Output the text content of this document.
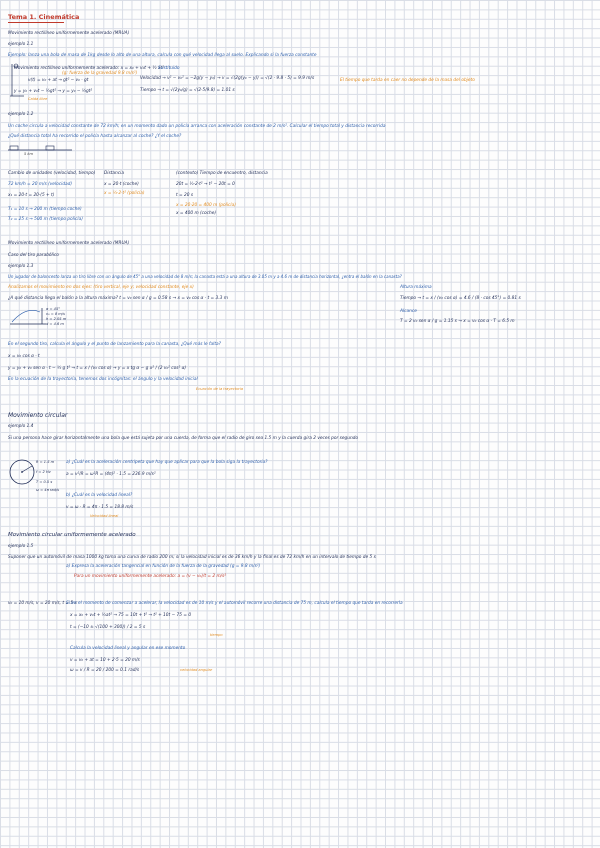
Tema 1. Cinemática
Movimiento rectilíneo uniformemente acelerado (MRUA)
ejemplo 1.1
Ejemplo: lanza una bola de masa de 1kg desde lo alto de una altura, calcula con qué velocidad llega al suelo. Explicando si la fuerza constante
Movimiento rectilíneo uniformemente acelerado: x = x₀ + v₀t + ½ at²
(g: fuerza de la gravedad 9.8 m/s²)
v(t) = v₀ + at → gt² − v₀ · gt
y = y₀ + v₀t − ½gt² → y = y₀ − ½gt²
Caída libre
Sustituido
Velocidad → v² − v₀² = −2g(y − y₀) → v = √(2g(y₀ − y)) = √(2 · 9.8 · 5) = 9.9 m/s	El tiempo que tarda en caer no depende de la masa del objeto
Tiempo → t = √(2y₀/g) = √(2·5/9.8) = 1.01 s
ejemplo 1.2
Un coche circula a velocidad constante de 72 km/h; en un momento dado un policía arranca con aceleración constante de 2 m/s². Calcular el tiempo total y distancia recorrida
¿Qué distancia total ha recorrido el policía hasta alcanzar al coche? ¿Y el coche?
5 km
Cambio de unidades (velocidad, tiempo)
72 km/h = 20 m/s (velocidad)
x₁ = 20·t = 20·(5 + t)
T₁ = 10 s → 200 m (tiempo coche)
T₂ = 25 s → 500 m (tiempo policía)
Distancia
x = 20·t (coche)
x = ½·2·t² (policía)
(contexto) Tiempo de encuentro, distancia
20t = ½·2·t² → t² − 20t = 0
t = 20 s
x = 20·20 = 400 m (policía)
x = 400 m (coche)
Movimiento rectilíneo uniformemente acelerado (MRUA)
Caso del tiro parabólico
ejemplo 1.3
Un jugador de baloncesto lanza un tiro libre con un ángulo de 45° a una velocidad de 8 m/s; la canasta está a una altura de 3.05 m y a 4.6 m de distancia horizontal, ¿entra el balón en la canasta?
Analizamos el movimiento en dos ejes: (tiro vertical, eje y; velocidad constante, eje x)	Altura máxima
¿A qué distancia llega el balón a la altura máxima? t = v₀ sen α / g = 0.58 s → x = v₀ cos α · t = 3.3 m	Tiempo → t = x / (v₀ cos α) = 4.6 / (8 · cos 45°) = 0.81 s
Alcance
T = 2 v₀ sen α / g = 1.15 s → x = v₀ cos α · T = 6.5 m
α = 45°
v₀ = 8 m/s
h = 2.05 m
d = 4.6 m
En el segundo tiro, calcula el ángulo y el punto de lanzamiento para la canasta, ¿Qué más le falta?
x = v₀ cos α · t
y = y₀ + v₀ sen α · t − ½ g t² → t = x / (v₀ cos α) → y = x tg α − g x² / (2 v₀² cos² α)
En la ecuación de la trayectoria, tenemos dos incógnitas: el ángulo y la velocidad inicial
Ecuación de la trayectoria
Movimiento circular
ejemplo 1.4
Si una persona hace girar horizontalmente una bola que está sujeta por una cuerda, de forma que el radio de giro sea 1.5 m y la cuerda gira 2 veces por segundo
R = 1.5 m
f = 2 Hz
T = 0.5 s
ω = 4π rad/s
a) ¿Cuál es la aceleración centrípeta que hay que aplicar para que la bola siga la trayectoria?
a = v²/R = ω²R = (4π)² · 1.5 = 236.9 m/s²
b) ¿Cuál es la velocidad lineal?
v = ω · R = 4π · 1.5 = 18.8 m/s
Velocidad lineal
Movimiento circular uniformemente acelerado
ejemplo 1.5
Suponer que un automóvil de masa 1000 kg toma una curva de radio 200 m; si la velocidad inicial es de 36 km/h y la final es de 72 km/h en un intervalo de tiempo de 5 s
a) Expresa la aceleración tangencial en función de la fuerza de la gravedad (g = 9.8 m/s²)
Para un movimiento uniformemente acelerado: a = (v − v₀)/t = 2 m/s²
v₀ = 10 m/s, v = 20 m/s, t = 5 s
Si en el momento de comenzar a acelerar, la velocidad es de 10 m/s y el automóvil recorre una distancia de 75 m, calcula el tiempo que tarda en recorrerla
x = x₀ + v₀t + ½at² → 75 = 10t + t² → t² + 10t − 75 = 0
t = (−10 ± √(100 + 300)) / 2 = 5 s
tiempo
Calcula la velocidad lineal y angular en ese momento
v = v₀ + at = 10 + 2·5 = 20 m/s
ω = v / R = 20 / 200 = 0.1 rad/s	velocidad angular
